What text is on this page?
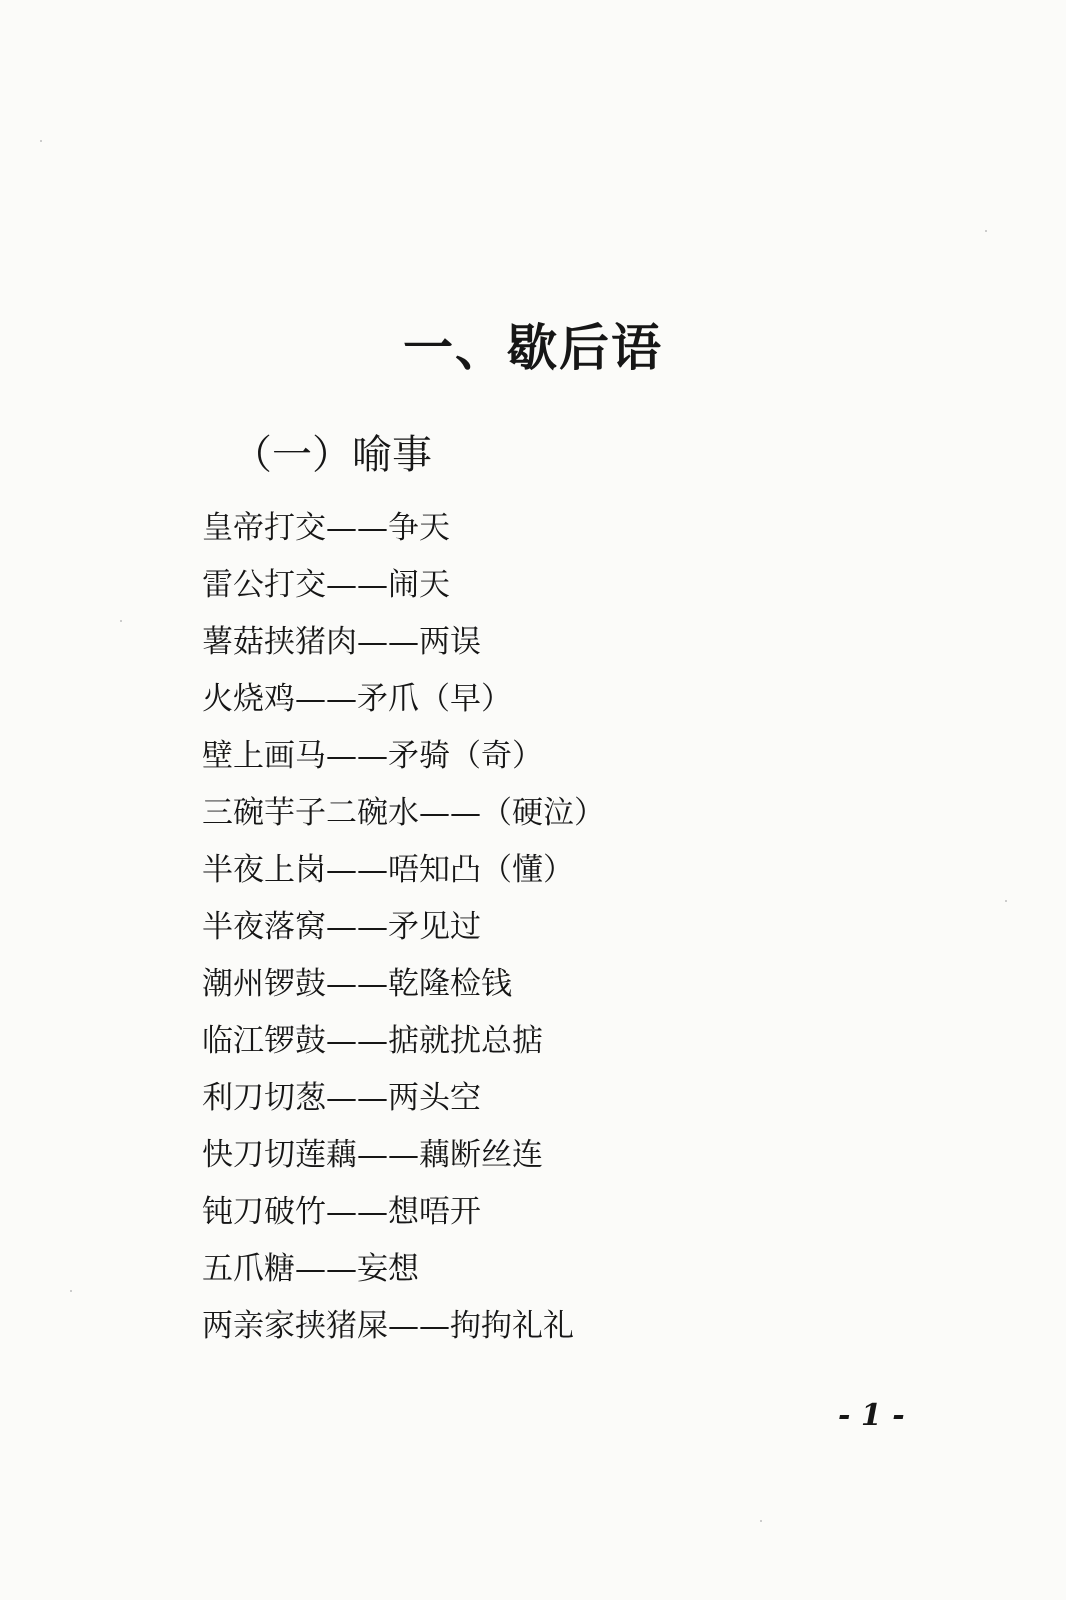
一、歇后语
（一）喻事
皇帝打交——争天
雷公打交——闹天
薯菇挟猪肉——两误
火烧鸡——矛爪（早）
壁上画马——矛骑（奇）
三碗芋子二碗水——（硬泣）
半夜上岗——唔知凸（懂）
半夜落窝——矛见过
潮州锣鼓——乾隆检钱
临江锣鼓——掂就扰总掂
利刀切葱——两头空
快刀切莲藕——藕断丝连
钝刀破竹——想唔开
五爪糖——妄想
两亲家挟猪屎——拘拘礼礼
- 1 -
